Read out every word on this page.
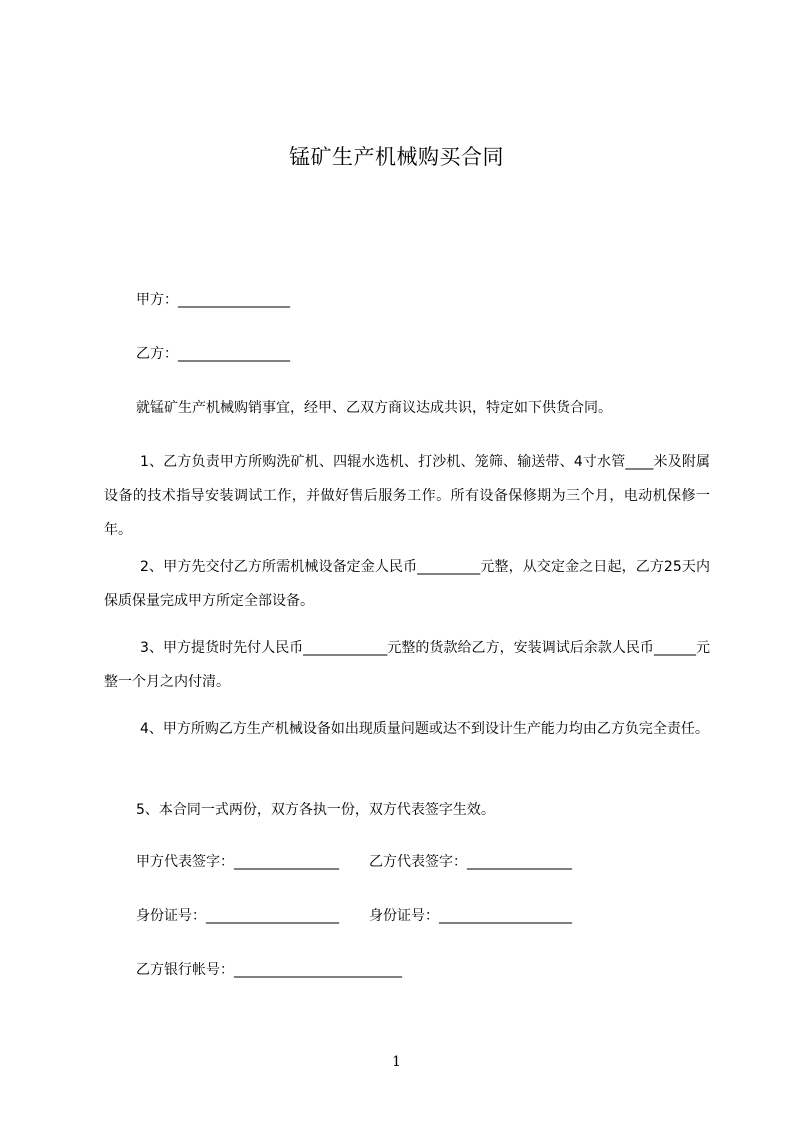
锰矿生产机械购买合同
甲方：________________
乙方：________________
就锰矿生产机械购销事宜，经甲、乙双方商议达成共识，特定如下供货合同。
1、乙方负责甲方所购洗矿机、四辊水选机、打沙机、笼筛、输送带、4寸水管____米及附属设备的技术指导安装调试工作，并做好售后服务工作。所有设备保修期为三个月，电动机保修一年。
2、甲方先交付乙方所需机械设备定金人民币_________元整，从交定金之日起，乙方25天内保质保量完成甲方所定全部设备。
3、甲方提货时先付人民币____________元整的货款给乙方，安装调试后余款人民币______元整一个月之内付清。
4、甲方所购乙方生产机械设备如出现质量问题或达不到设计生产能力均由乙方负完全责任。
5、本合同一式两份，双方各执一份，双方代表签字生效。
甲方代表签字：_______________ 乙方代表签字：_______________
身份证号：___________________ 身份证号：___________________
乙方银行帐号：________________________
1
